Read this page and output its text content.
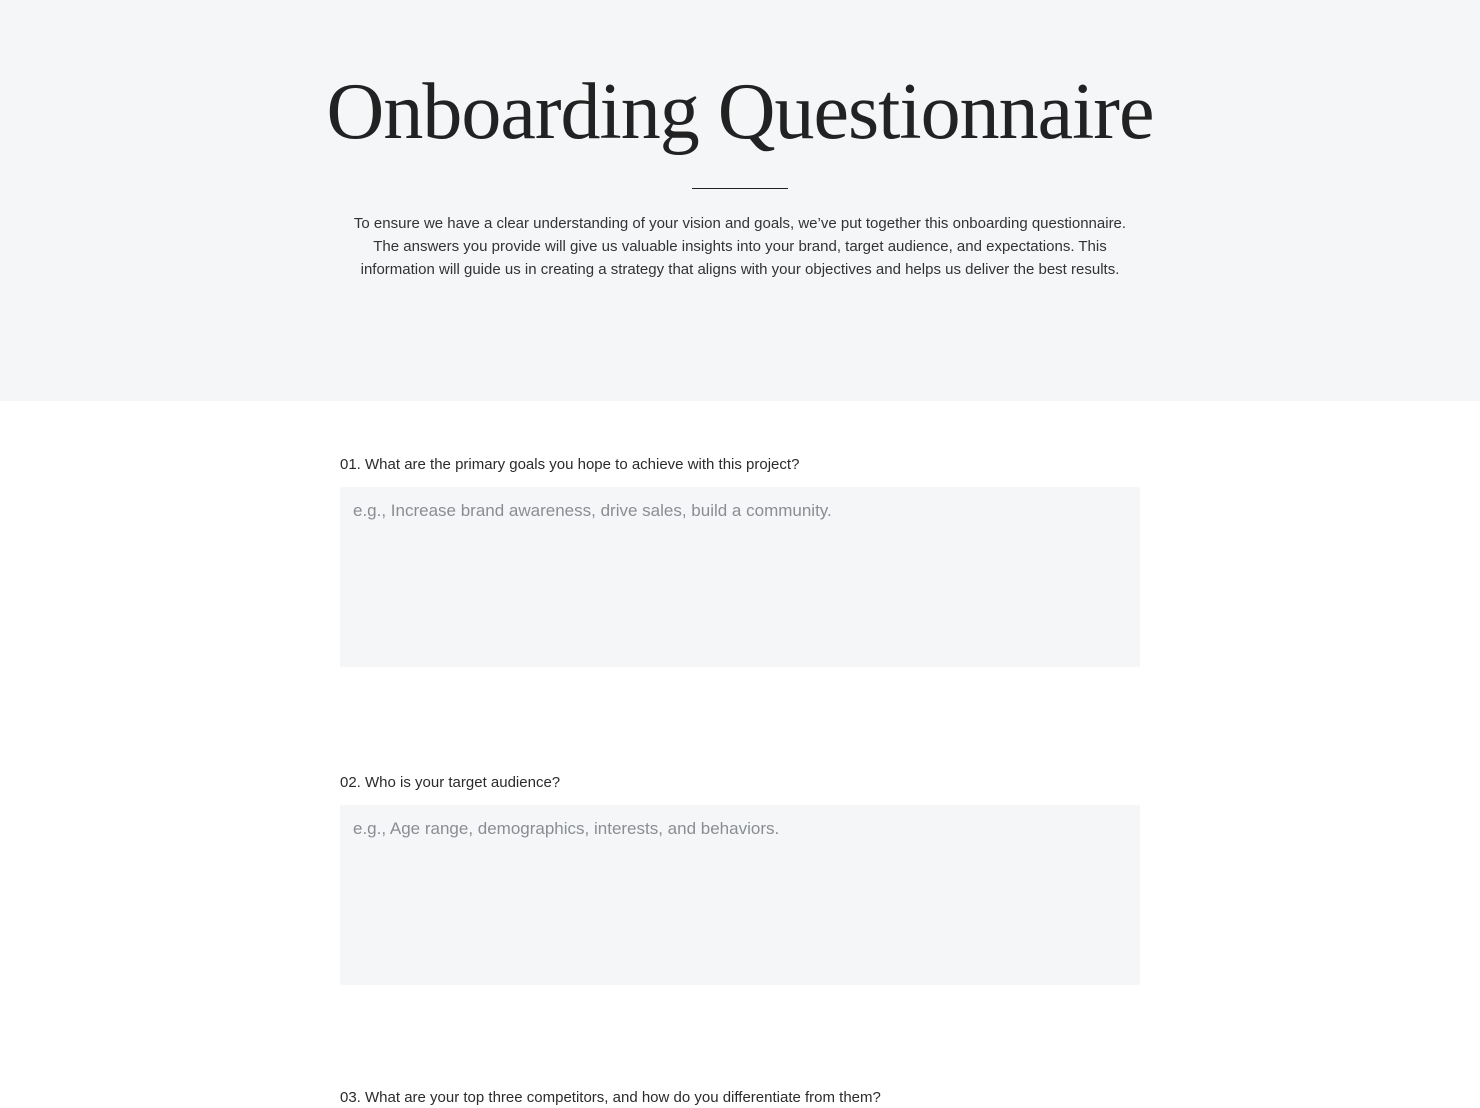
Onboarding Questionnaire

To ensure we have a clear understanding of your vision and goals, we’ve put together this onboarding questionnaire. The answers you provide will give us valuable insights into your brand, target audience, and expectations. This information will guide us in creating a strategy that aligns with your objectives and helps us deliver the best results.

01. What are the primary goals you hope to achieve with this project?
e.g., Increase brand awareness, drive sales, build a community.
02. Who is your target audience?
e.g., Age range, demographics, interests, and behaviors.
03. What are your top three competitors, and how do you differentiate from them?
